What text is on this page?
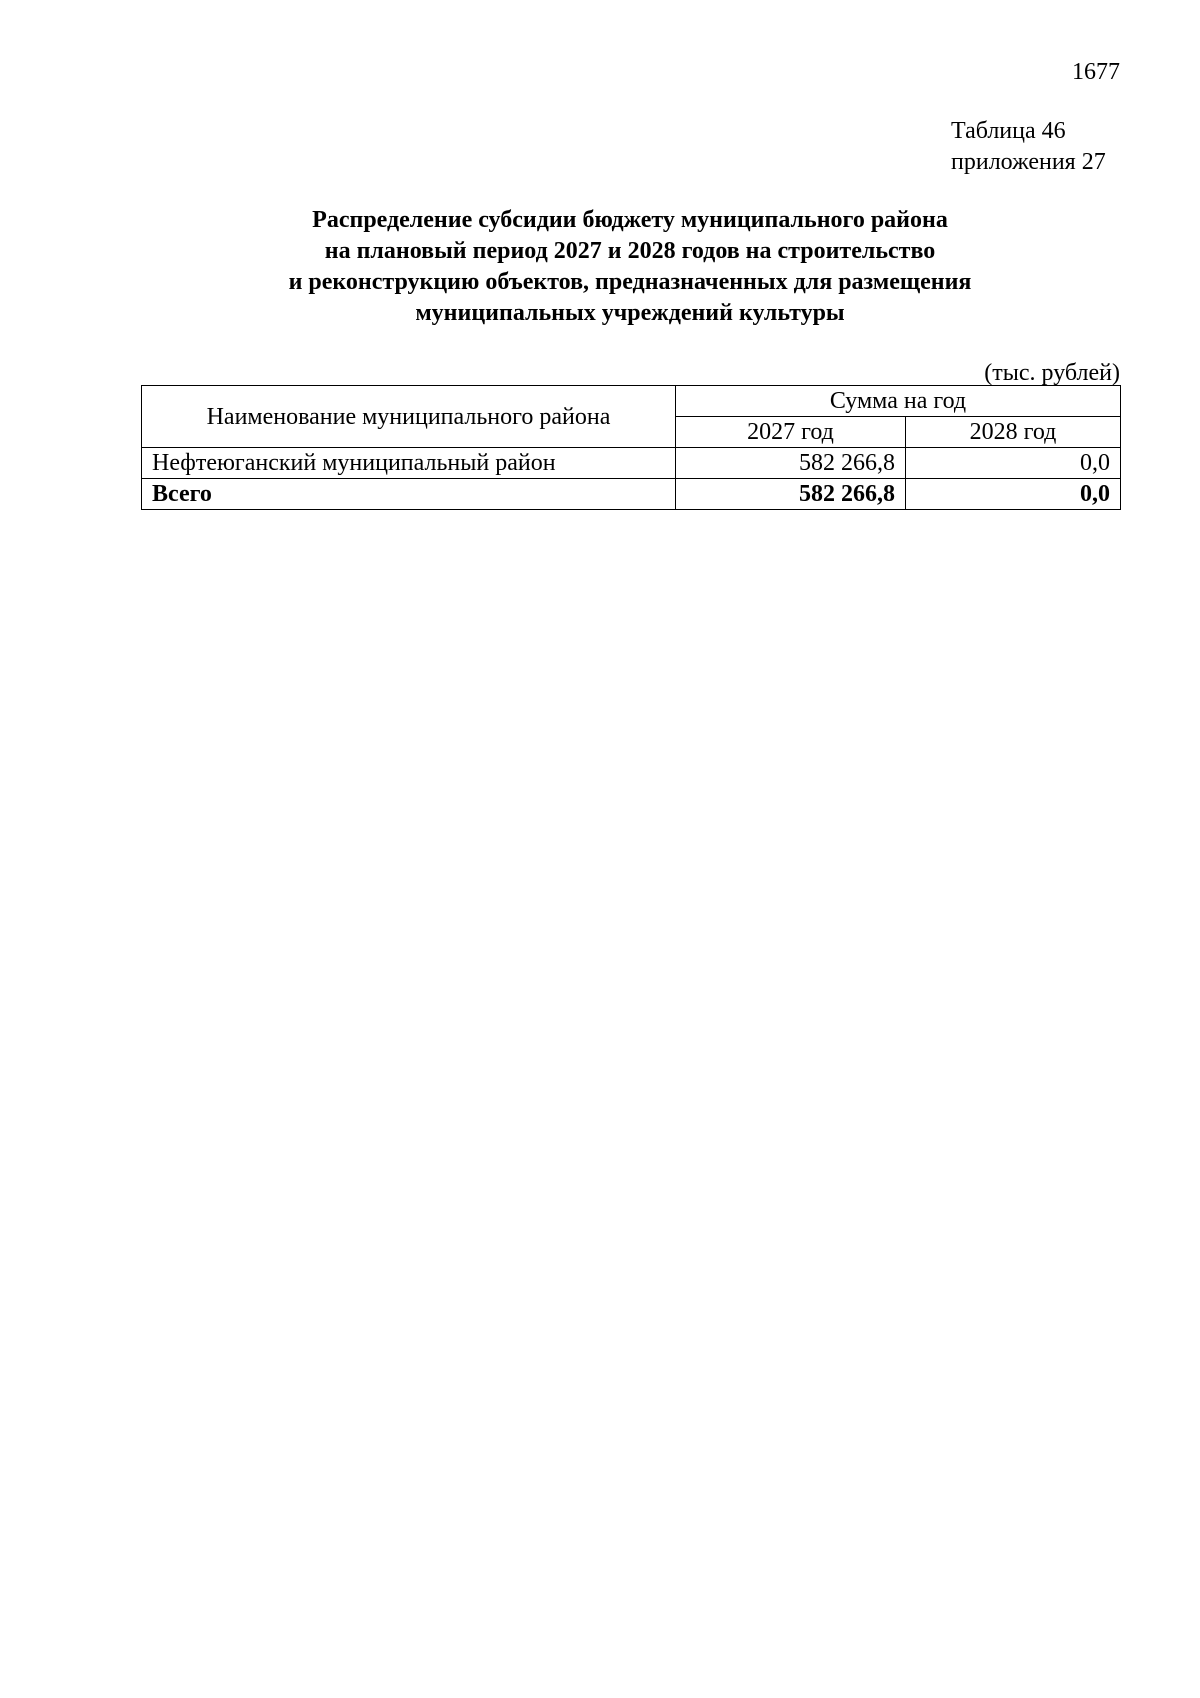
1677
Таблица 46
приложения 27
Распределение субсидии бюджету муниципального района
на плановый период 2027 и 2028 годов на строительство
и реконструкцию объектов, предназначенных для размещения
муниципальных учреждений культуры
(тыс. рублей)
Наименование муниципального района	Сумма на год	
	2027 год	2028 год
Нефтеюганский муниципальный район	582 266,8	0,0
Всего	582 266,8	0,0
